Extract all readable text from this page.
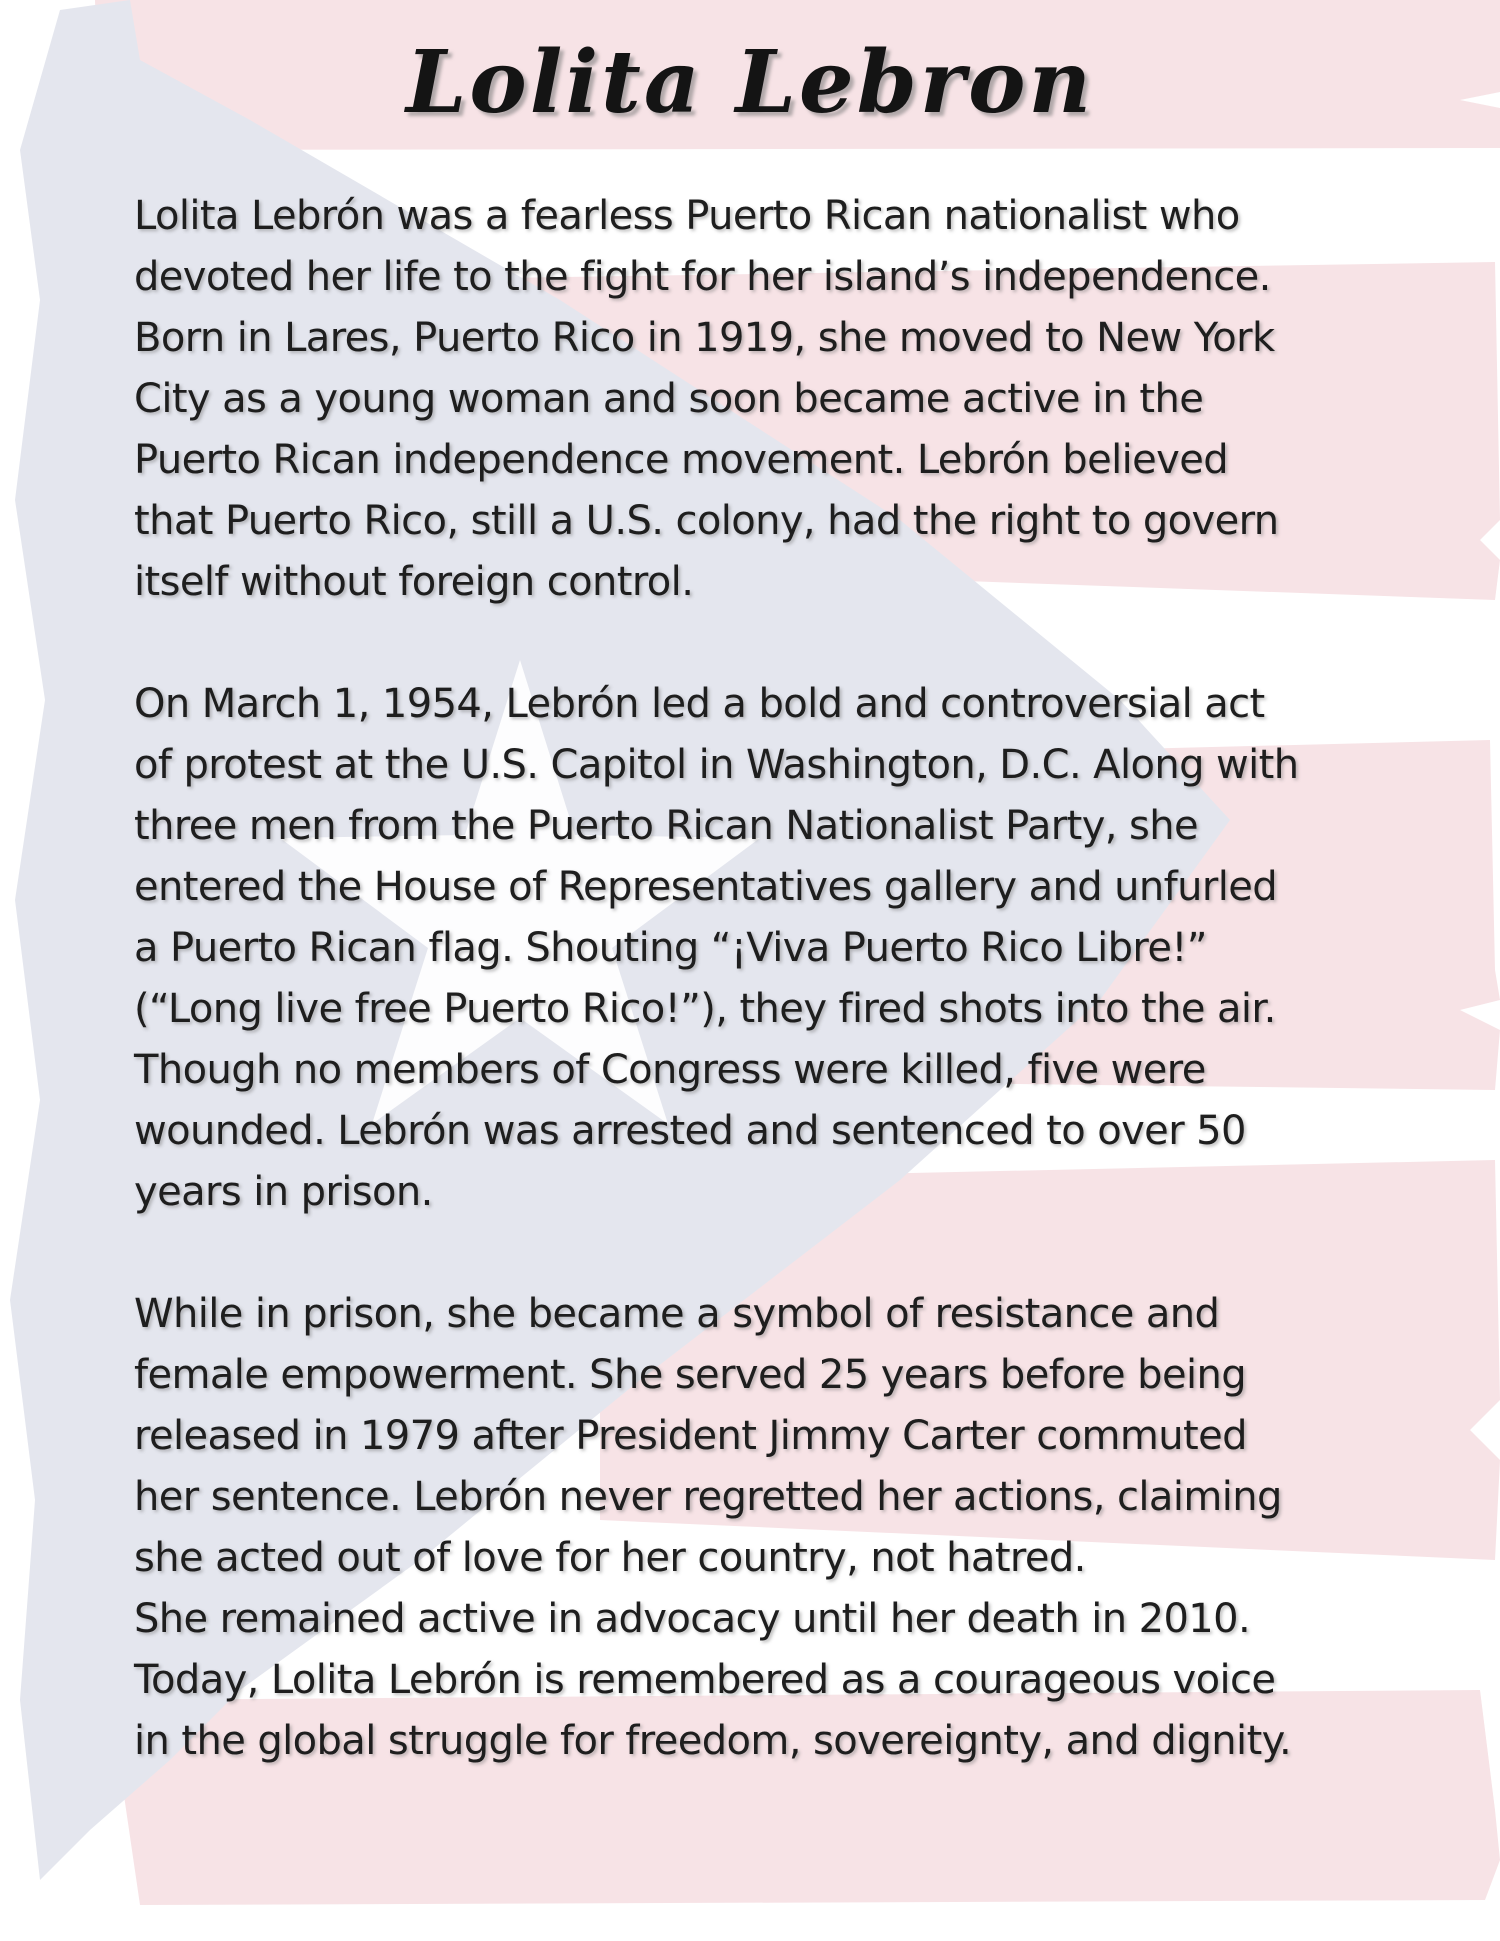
Lolita Lebron

Lolita Lebrón was a fearless Puerto Rican nationalist who
devoted her life to the fight for her island’s independence.
Born in Lares, Puerto Rico in 1919, she moved to New York
City as a young woman and soon became active in the
Puerto Rican independence movement. Lebrón believed
that Puerto Rico, still a U.S. colony, had the right to govern
itself without foreign control.

On March 1, 1954, Lebrón led a bold and controversial act
of protest at the U.S. Capitol in Washington, D.C. Along with
three men from the Puerto Rican Nationalist Party, she
entered the House of Representatives gallery and unfurled
a Puerto Rican flag. Shouting “¡Viva Puerto Rico Libre!”
(“Long live free Puerto Rico!”), they fired shots into the air.
Though no members of Congress were killed, five were
wounded. Lebrón was arrested and sentenced to over 50
years in prison.

While in prison, she became a symbol of resistance and
female empowerment. She served 25 years before being
released in 1979 after President Jimmy Carter commuted
her sentence. Lebrón never regretted her actions, claiming
she acted out of love for her country, not hatred.
She remained active in advocacy until her death in 2010.
Today, Lolita Lebrón is remembered as a courageous voice
in the global struggle for freedom, sovereignty, and dignity.
